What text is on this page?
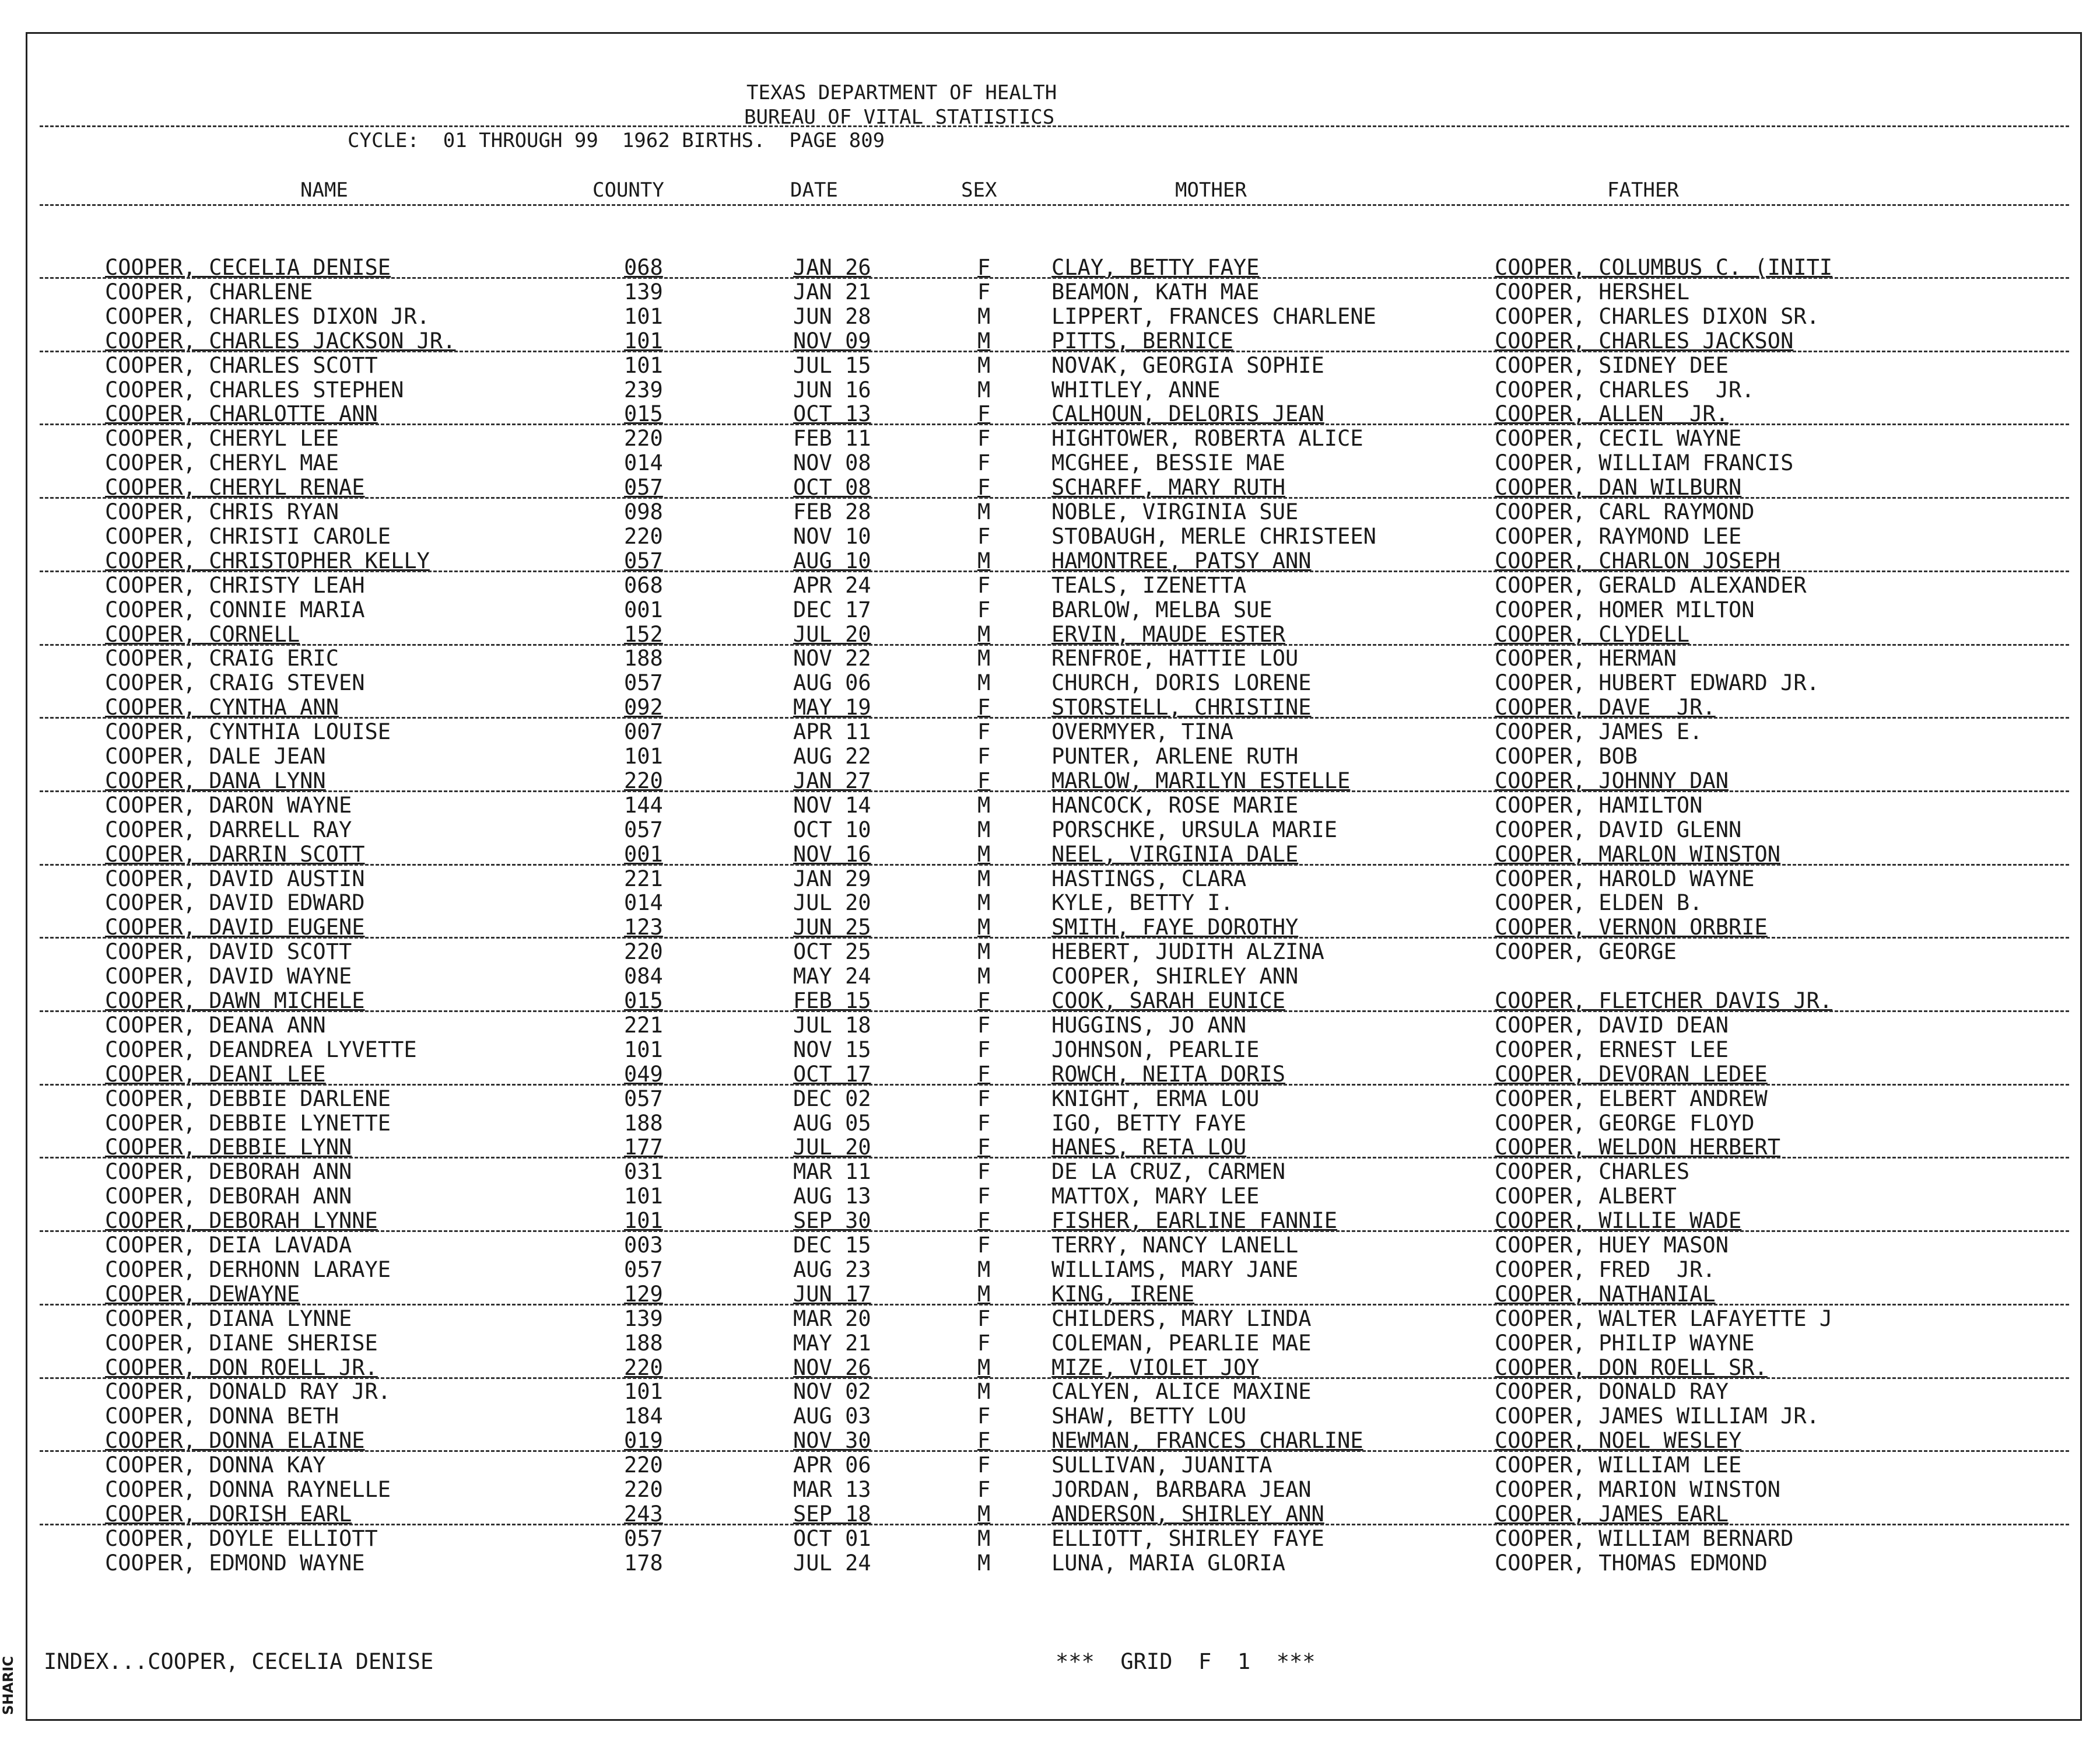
TEXAS DEPARTMENT OF HEALTH
BUREAU OF VITAL STATISTICS
CYCLE:  01 THROUGH 99  1962 BIRTHS.  PAGE 809
NAME	COUNTY	DATE	SEX	MOTHER	FATHER
COOPER, CECELIA DENISE	068	JAN 26	F	CLAY, BETTY FAYE	COOPER, COLUMBUS C. (INITI
COOPER, CHARLENE	139	JAN 21	F	BEAMON, KATH MAE	COOPER, HERSHEL
COOPER, CHARLES DIXON JR.	101	JUN 28	M	LIPPERT, FRANCES CHARLENE	COOPER, CHARLES DIXON SR.
COOPER, CHARLES JACKSON JR.	101	NOV 09	M	PITTS, BERNICE	COOPER, CHARLES JACKSON
COOPER, CHARLES SCOTT	101	JUL 15	M	NOVAK, GEORGIA SOPHIE	COOPER, SIDNEY DEE
COOPER, CHARLES STEPHEN	239	JUN 16	M	WHITLEY, ANNE	COOPER, CHARLES  JR.
COOPER, CHARLOTTE ANN	015	OCT 13	F	CALHOUN, DELORIS JEAN	COOPER, ALLEN  JR.
COOPER, CHERYL LEE	220	FEB 11	F	HIGHTOWER, ROBERTA ALICE	COOPER, CECIL WAYNE
COOPER, CHERYL MAE	014	NOV 08	F	MCGHEE, BESSIE MAE	COOPER, WILLIAM FRANCIS
COOPER, CHERYL RENAE	057	OCT 08	F	SCHARFF, MARY RUTH	COOPER, DAN WILBURN
COOPER, CHRIS RYAN	098	FEB 28	M	NOBLE, VIRGINIA SUE	COOPER, CARL RAYMOND
COOPER, CHRISTI CAROLE	220	NOV 10	F	STOBAUGH, MERLE CHRISTEEN	COOPER, RAYMOND LEE
COOPER, CHRISTOPHER KELLY	057	AUG 10	M	HAMONTREE, PATSY ANN	COOPER, CHARLON JOSEPH
COOPER, CHRISTY LEAH	068	APR 24	F	TEALS, IZENETTA	COOPER, GERALD ALEXANDER
COOPER, CONNIE MARIA	001	DEC 17	F	BARLOW, MELBA SUE	COOPER, HOMER MILTON
COOPER, CORNELL	152	JUL 20	M	ERVIN, MAUDE ESTER	COOPER, CLYDELL
COOPER, CRAIG ERIC	188	NOV 22	M	RENFROE, HATTIE LOU	COOPER, HERMAN
COOPER, CRAIG STEVEN	057	AUG 06	M	CHURCH, DORIS LORENE	COOPER, HUBERT EDWARD JR.
COOPER, CYNTHA ANN	092	MAY 19	F	STORSTELL, CHRISTINE	COOPER, DAVE  JR.
COOPER, CYNTHIA LOUISE	007	APR 11	F	OVERMYER, TINA	COOPER, JAMES E.
COOPER, DALE JEAN	101	AUG 22	F	PUNTER, ARLENE RUTH	COOPER, BOB
COOPER, DANA LYNN	220	JAN 27	F	MARLOW, MARILYN ESTELLE	COOPER, JOHNNY DAN
COOPER, DARON WAYNE	144	NOV 14	M	HANCOCK, ROSE MARIE	COOPER, HAMILTON
COOPER, DARRELL RAY	057	OCT 10	M	PORSCHKE, URSULA MARIE	COOPER, DAVID GLENN
COOPER, DARRIN SCOTT	001	NOV 16	M	NEEL, VIRGINIA DALE	COOPER, MARLON WINSTON
COOPER, DAVID AUSTIN	221	JAN 29	M	HASTINGS, CLARA	COOPER, HAROLD WAYNE
COOPER, DAVID EDWARD	014	JUL 20	M	KYLE, BETTY I.	COOPER, ELDEN B.
COOPER, DAVID EUGENE	123	JUN 25	M	SMITH, FAYE DOROTHY	COOPER, VERNON ORBRIE
COOPER, DAVID SCOTT	220	OCT 25	M	HEBERT, JUDITH ALZINA	COOPER, GEORGE
COOPER, DAVID WAYNE	084	MAY 24	M	COOPER, SHIRLEY ANN
COOPER, DAWN MICHELE	015	FEB 15	F	COOK, SARAH EUNICE	COOPER, FLETCHER DAVIS JR.
COOPER, DEANA ANN	221	JUL 18	F	HUGGINS, JO ANN	COOPER, DAVID DEAN
COOPER, DEANDREA LYVETTE	101	NOV 15	F	JOHNSON, PEARLIE	COOPER, ERNEST LEE
COOPER, DEANI LEE	049	OCT 17	F	ROWCH, NEITA DORIS	COOPER, DEVORAN LEDEE
COOPER, DEBBIE DARLENE	057	DEC 02	F	KNIGHT, ERMA LOU	COOPER, ELBERT ANDREW
COOPER, DEBBIE LYNETTE	188	AUG 05	F	IGO, BETTY FAYE	COOPER, GEORGE FLOYD
COOPER, DEBBIE LYNN	177	JUL 20	F	HANES, RETA LOU	COOPER, WELDON HERBERT
COOPER, DEBORAH ANN	031	MAR 11	F	DE LA CRUZ, CARMEN	COOPER, CHARLES
COOPER, DEBORAH ANN	101	AUG 13	F	MATTOX, MARY LEE	COOPER, ALBERT
COOPER, DEBORAH LYNNE	101	SEP 30	F	FISHER, EARLINE FANNIE	COOPER, WILLIE WADE
COOPER, DEIA LAVADA	003	DEC 15	F	TERRY, NANCY LANELL	COOPER, HUEY MASON
COOPER, DERHONN LARAYE	057	AUG 23	M	WILLIAMS, MARY JANE	COOPER, FRED  JR.
COOPER, DEWAYNE	129	JUN 17	M	KING, IRENE	COOPER, NATHANIAL
COOPER, DIANA LYNNE	139	MAR 20	F	CHILDERS, MARY LINDA	COOPER, WALTER LAFAYETTE J
COOPER, DIANE SHERISE	188	MAY 21	F	COLEMAN, PEARLIE MAE	COOPER, PHILIP WAYNE
COOPER, DON ROELL JR.	220	NOV 26	M	MIZE, VIOLET JOY	COOPER, DON ROELL SR.
COOPER, DONALD RAY JR.	101	NOV 02	M	CALYEN, ALICE MAXINE	COOPER, DONALD RAY
COOPER, DONNA BETH	184	AUG 03	F	SHAW, BETTY LOU	COOPER, JAMES WILLIAM JR.
COOPER, DONNA ELAINE	019	NOV 30	F	NEWMAN, FRANCES CHARLINE	COOPER, NOEL WESLEY
COOPER, DONNA KAY	220	APR 06	F	SULLIVAN, JUANITA	COOPER, WILLIAM LEE
COOPER, DONNA RAYNELLE	220	MAR 13	F	JORDAN, BARBARA JEAN	COOPER, MARION WINSTON
COOPER, DORISH EARL	243	SEP 18	M	ANDERSON, SHIRLEY ANN	COOPER, JAMES EARL
COOPER, DOYLE ELLIOTT	057	OCT 01	M	ELLIOTT, SHIRLEY FAYE	COOPER, WILLIAM BERNARD
COOPER, EDMOND WAYNE	178	JUL 24	M	LUNA, MARIA GLORIA	COOPER, THOMAS EDMOND
INDEX...COOPER, CECELIA DENISE	***  GRID  F  1  ***
SHARIC
